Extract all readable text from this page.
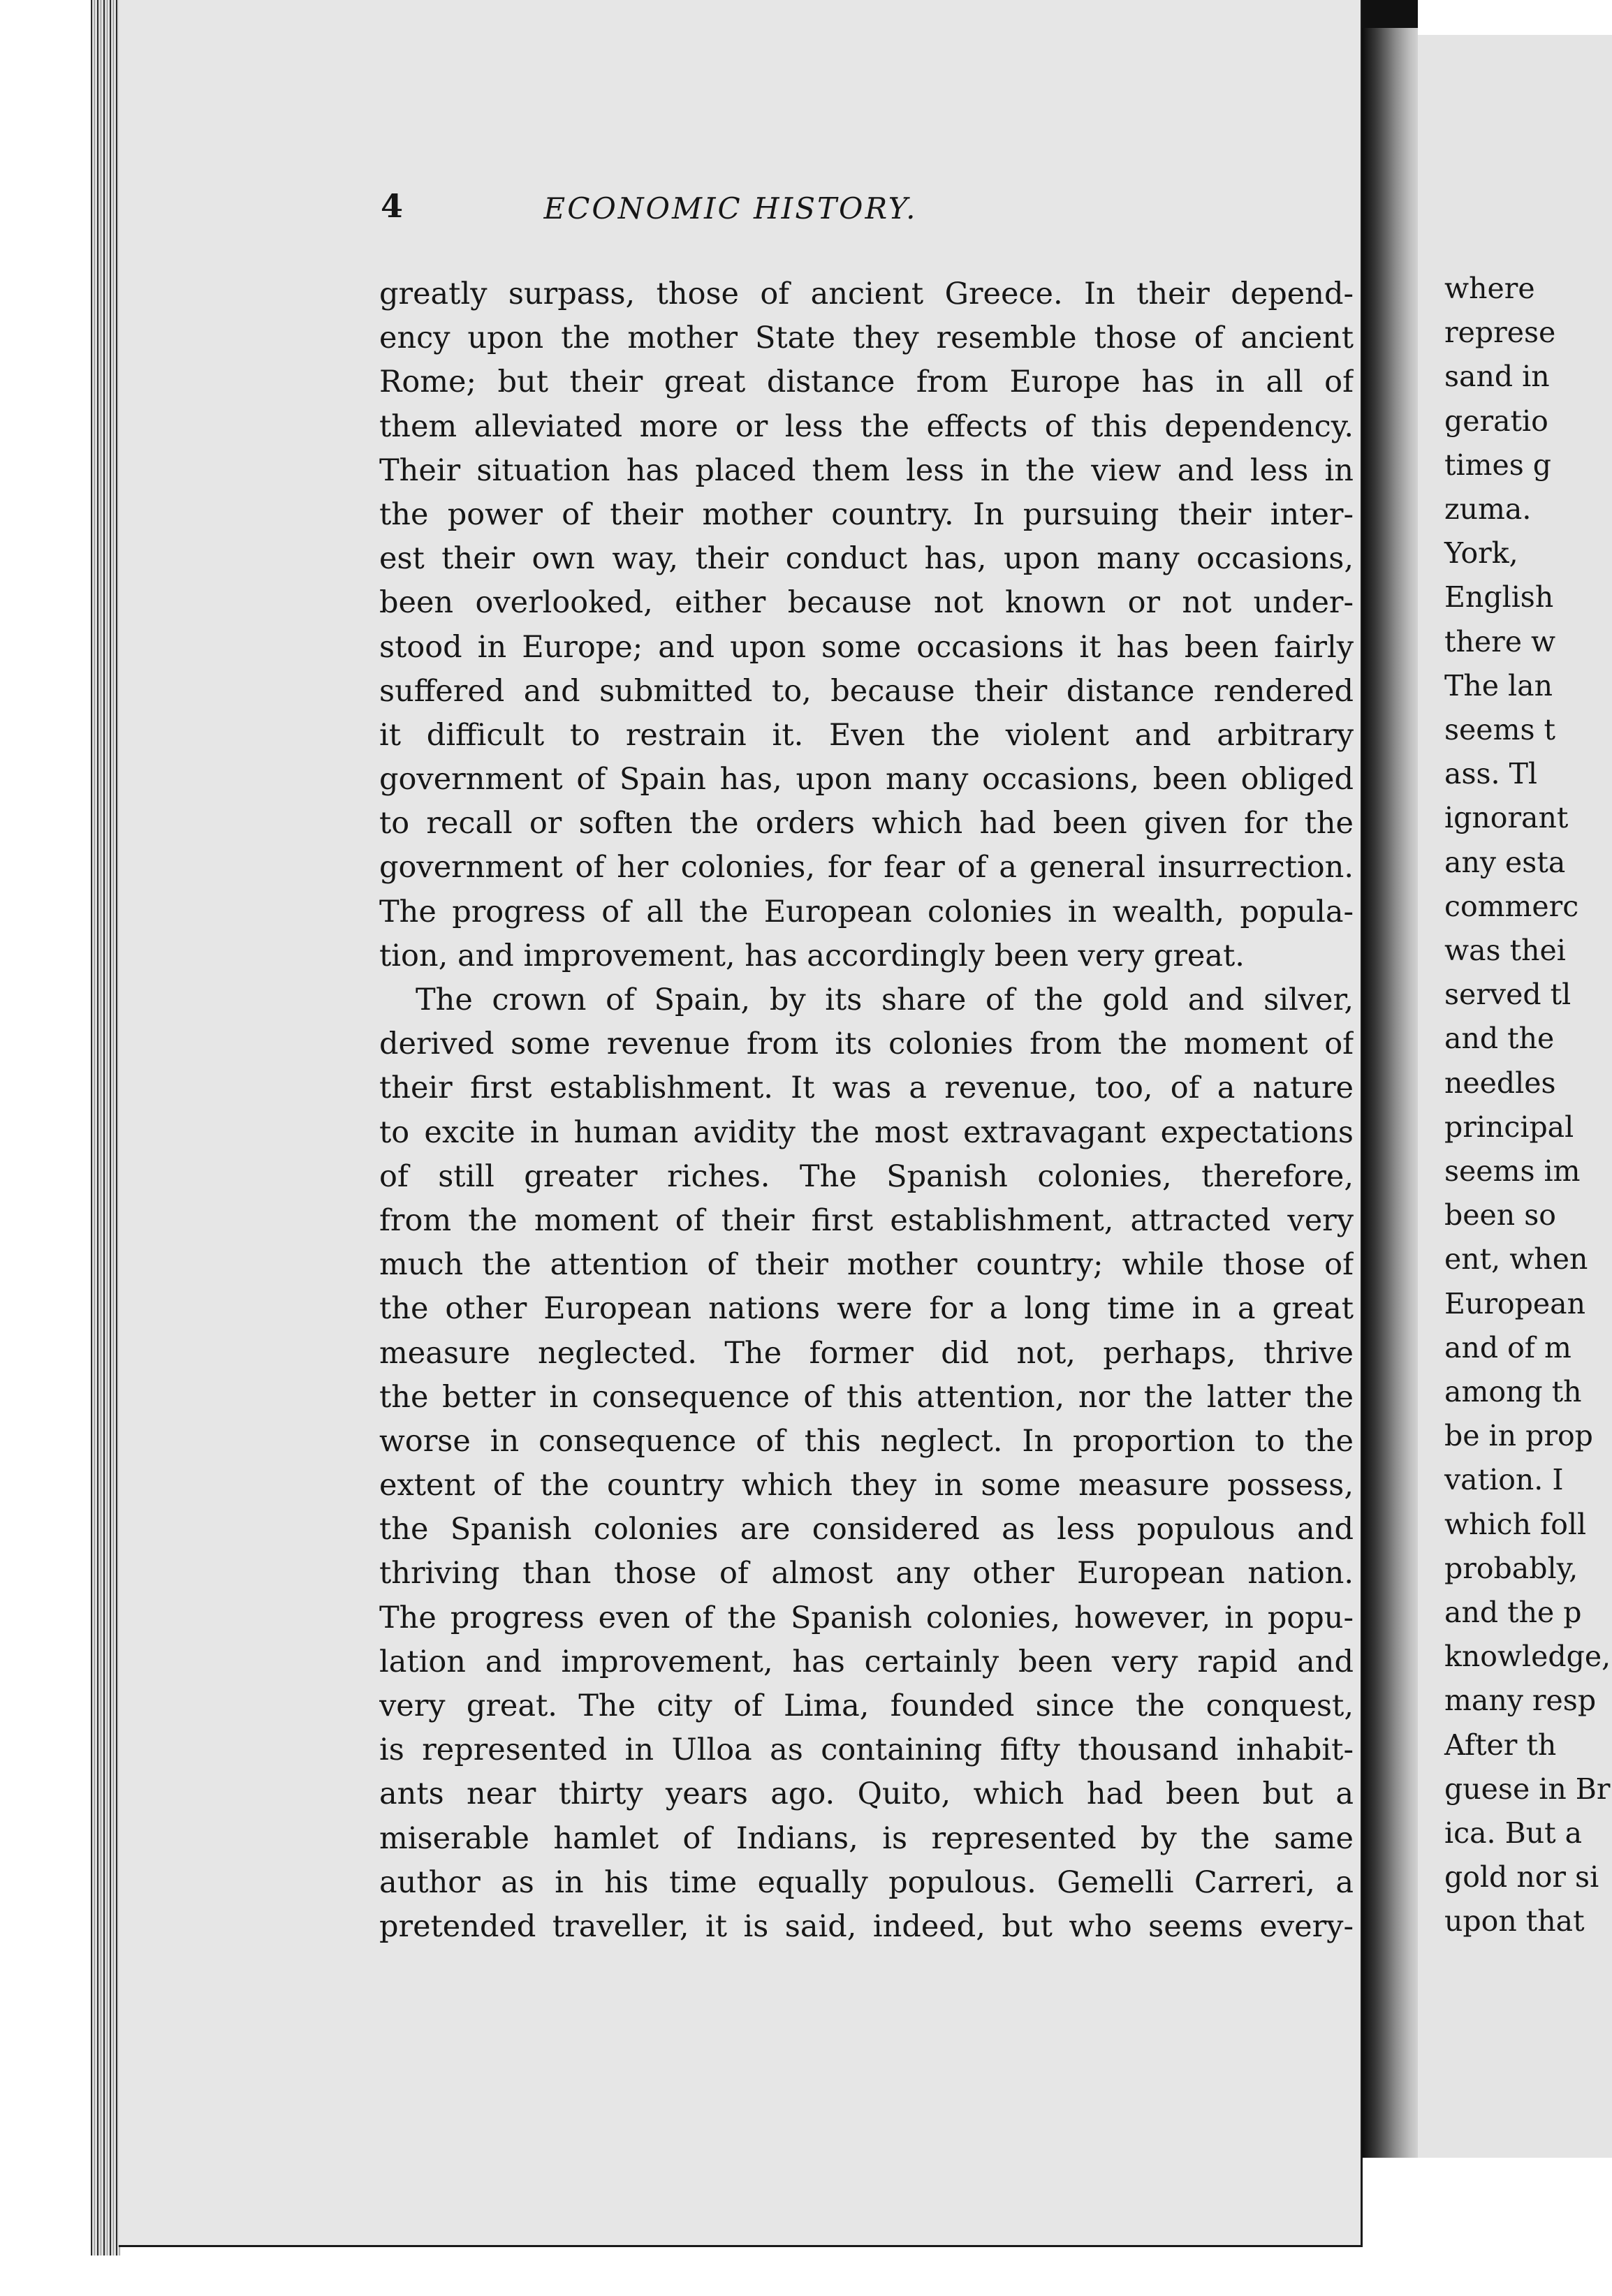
4	ECONOMIC HISTORY.
greatly surpass, those of ancient Greece. In their depend-
ency upon the mother State they resemble those of ancient
Rome; but their great distance from Europe has in all of
them alleviated more or less the effects of this dependency.
Their situation has placed them less in the view and less in
the power of their mother country. In pursuing their inter-
est their own way, their conduct has, upon many occasions,
been overlooked, either because not known or not under-
stood in Europe; and upon some occasions it has been fairly
suffered and submitted to, because their distance rendered
it difficult to restrain it. Even the violent and arbitrary
government of Spain has, upon many occasions, been obliged
to recall or soften the orders which had been given for the
government of her colonies, for fear of a general insurrection.
The progress of all the European colonies in wealth, popula-
tion, and improvement, has accordingly been very great.
The crown of Spain, by its share of the gold and silver,
derived some revenue from its colonies from the moment of
their first establishment. It was a revenue, too, of a nature
to excite in human avidity the most extravagant expectations
of still greater riches. The Spanish colonies, therefore,
from the moment of their first establishment, attracted very
much the attention of their mother country; while those of
the other European nations were for a long time in a great
measure neglected. The former did not, perhaps, thrive
the better in consequence of this attention, nor the latter the
worse in consequence of this neglect. In proportion to the
extent of the country which they in some measure possess,
the Spanish colonies are considered as less populous and
thriving than those of almost any other European nation.
The progress even of the Spanish colonies, however, in popu-
lation and improvement, has certainly been very rapid and
very great. The city of Lima, founded since the conquest,
is represented in Ulloa as containing fifty thousand inhabit-
ants near thirty years ago. Quito, which had been but a
miserable hamlet of Indians, is represented by the same
author as in his time equally populous. Gemelli Carreri, a
pretended traveller, it is said, indeed, but who seems every-
where
represe
sand in
geratio
times g
zuma.
York,
English
there w
The lan
seems t
ass. Tl
ignorant
any esta
commerc
was thei
served tl
and the
needles
principal
seems im
been so
ent, when
European
and of m
among th
be in prop
vation. I
which foll
probably,
and the p
knowledge,
many resp
After th
guese in Br
ica. But a
gold nor si
upon that
